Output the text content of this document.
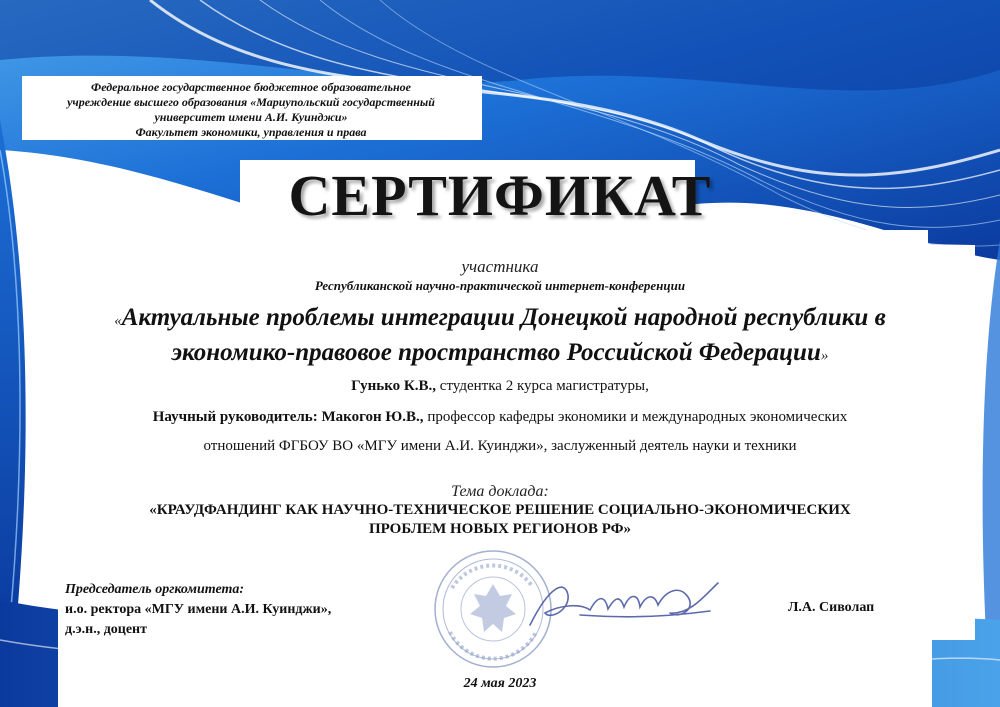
Федеральное государственное бюджетное образовательное
учреждение высшего образования «Мариупольский государственный
университет имени А.И. Куинджи»
Факультет экономики, управления и права
СЕРТИФИКАТ
участника
Республиканской научно-практической интернет-конференции
«Актуальные проблемы интеграции Донецкой народной республики в
экономико-правовое пространство Российской Федерации»
Гунько К.В., студентка 2 курса магистратуры,
Научный руководитель: Макогон Ю.В., профессор кафедры экономики и международных экономических
отношений ФГБОУ ВО «МГУ имени А.И. Куинджи», заслуженный деятель науки и техники
Тема доклада:
«КРАУДФАНДИНГ КАК НАУЧНО-ТЕХНИЧЕСКОЕ РЕШЕНИЕ СОЦИАЛЬНО-ЭКОНОМИЧЕСКИХ
ПРОБЛЕМ НОВЫХ РЕГИОНОВ РФ»
Председатель оргкомитета:
и.о. ректора «МГУ имени А.И. Куинджи»,
д.э.н., доцент
Л.А. Сиволап
24 мая 2023
